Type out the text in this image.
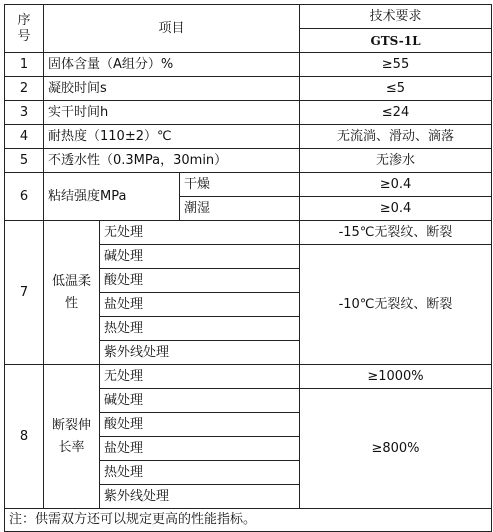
序号	项目			技术要求
				GTS-1L
1	固体含量（A组分）%			≥55
2	凝胶时间s			≤5
3	实干时间h			≤24
4	耐热度（110±2）℃			无流淌、滑动、滴落
5	不透水性（0.3MPa，30min）			无渗水
6	粘结强度MPa		干燥	≥0.4
			潮湿	≥0.4
7	低温柔性	无处理		-15℃无裂纹、断裂
		碱处理		-10℃无裂纹、断裂
		酸处理		
		盐处理		
		热处理		
		紫外线处理		
8	断裂伸长率	无处理		≥1000%
		碱处理		≥800%
		酸处理		
		盐处理		
		热处理		
		紫外线处理		
注：供需双方还可以规定更高的性能指标。				
